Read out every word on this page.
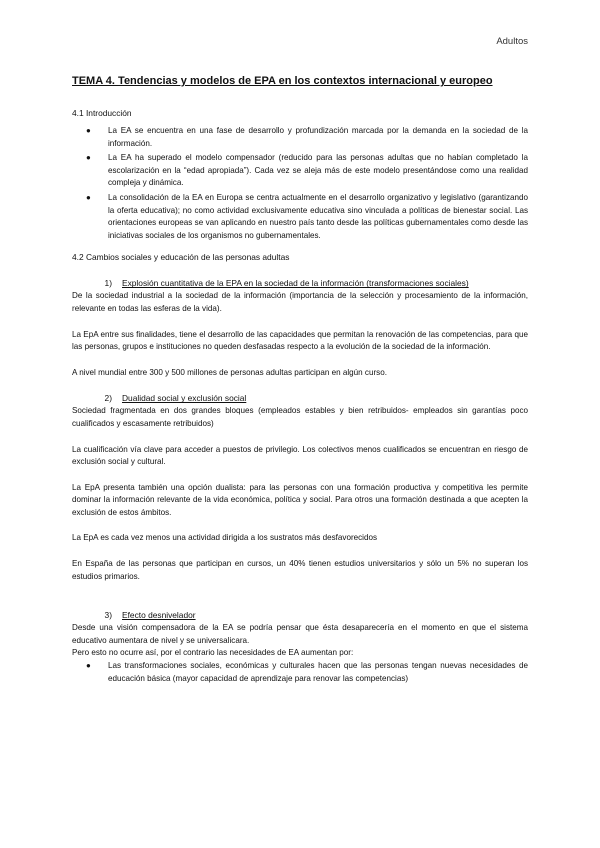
Adultos
TEMA 4. Tendencias y modelos de EPA en los contextos internacional y europeo
4.1 Introducción
● La EA se encuentra en una fase de desarrollo y profundización marcada por la demanda en la sociedad de la información.
● La EA ha superado el modelo compensador (reducido para las personas adultas que no habían completado la escolarización en la “edad apropiada”). Cada vez se aleja más de este modelo presentándose como una realidad compleja y dinámica.
● La consolidación de la EA en Europa se centra actualmente en el desarrollo organizativo y legislativo (garantizando la oferta educativa); no como actividad exclusivamente educativa sino vinculada a políticas de bienestar social. Las orientaciones europeas se van aplicando en nuestro país tanto desde las políticas gubernamentales como desde las iniciativas sociales de los organismos no gubernamentales.
4.2 Cambios sociales y educación de las personas adultas
1) Explosión cuantitativa de la EPA en la sociedad de la información (transformaciones sociales)
De la sociedad industrial a la sociedad de la información (importancia de la selección y procesamiento de la información, relevante en todas las esferas de la vida).
La EpA entre sus finalidades, tiene el desarrollo de las capacidades que permitan la renovación de las competencias, para que las personas, grupos e instituciones no queden desfasadas respecto a la evolución de la sociedad de la información.
A nivel mundial entre 300 y 500 millones de personas adultas participan en algún curso.
2) Dualidad social y exclusión social
Sociedad fragmentada en dos grandes bloques (empleados estables y bien retribuidos- empleados sin garantías poco cualificados y escasamente retribuidos)
La cualificación vía clave para acceder a puestos de privilegio. Los colectivos menos cualificados se encuentran en riesgo de exclusión social y cultural.
La EpA presenta también una opción dualista: para las personas con una formación productiva y competitiva les permite dominar la información relevante de la vida económica, política y social. Para otros una formación destinada a que acepten la exclusión de estos ámbitos.
La EpA es cada vez menos una actividad dirigida a los sustratos más desfavorecidos
En España de las personas que participan en cursos, un 40% tienen estudios universitarios y sólo un 5% no superan los estudios primarios.
3) Efecto desnivelador
Desde una visión compensadora de la EA se podría pensar que ésta desaparecería en el momento en que el sistema educativo aumentara de nivel y se universalicara.
Pero esto no ocurre así, por el contrario las necesidades de EA aumentan por:
● Las transformaciones sociales, económicas y culturales hacen que las personas tengan nuevas necesidades de educación básica (mayor capacidad de aprendizaje para renovar las competencias)
